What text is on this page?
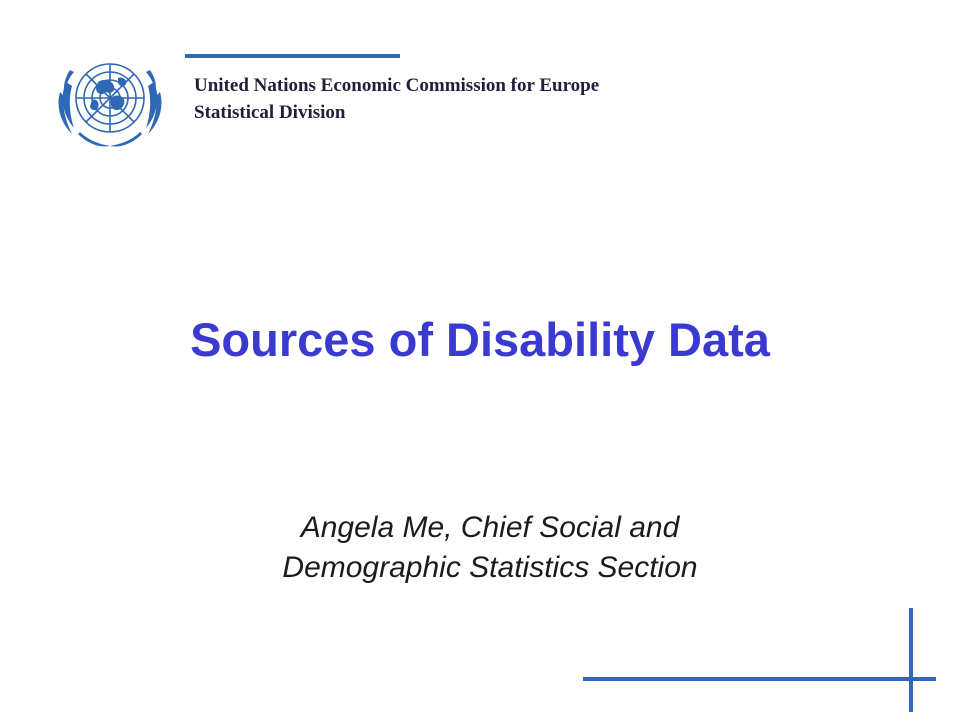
United Nations Economic Commission for Europe
Statistical Division
Sources of Disability Data
Angela Me, Chief Social and
Demographic Statistics Section
